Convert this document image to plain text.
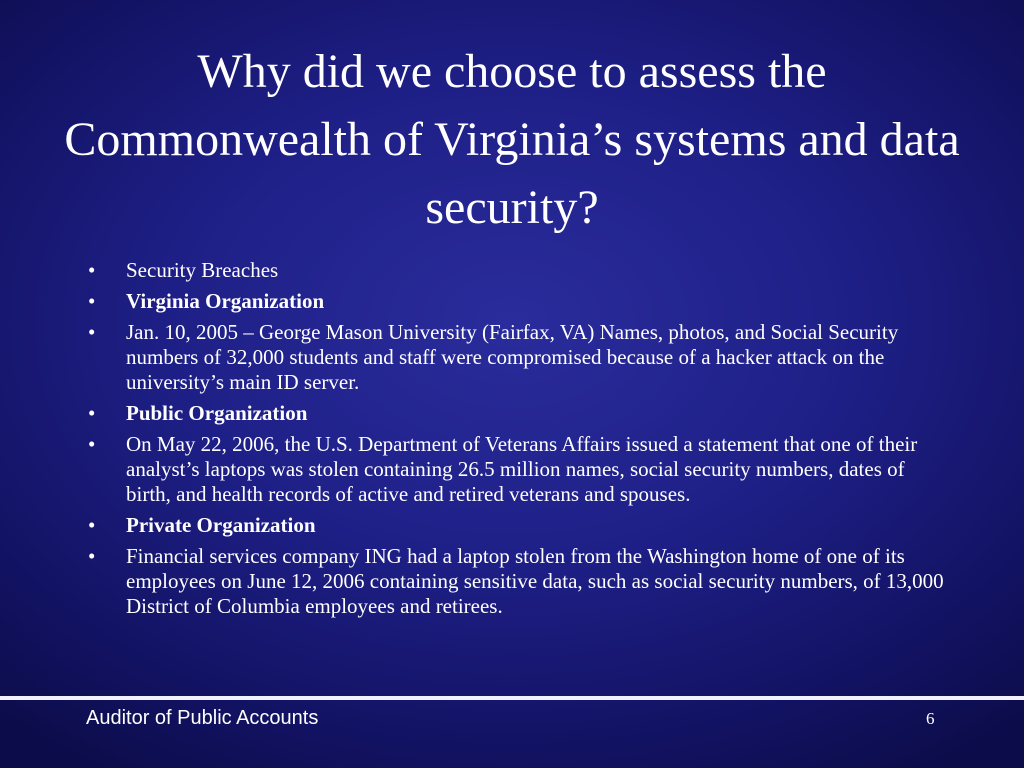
Why did we choose to assess the Commonwealth of Virginia’s systems and data security?
• Security Breaches
• Virginia Organization
• Jan. 10, 2005 – George Mason University (Fairfax, VA) Names, photos, and Social Security numbers of 32,000 students and staff were compromised because of a hacker attack on the university’s main ID server.
• Public Organization
• On May 22, 2006, the U.S. Department of Veterans Affairs issued a statement that one of their analyst’s laptops was stolen containing 26.5 million names, social security numbers, dates of birth, and health records of active and retired veterans and spouses.
• Private Organization
• Financial services company ING had a laptop stolen from the Washington home of one of its employees on June 12, 2006 containing sensitive data, such as social security numbers, of 13,000 District of Columbia employees and retirees.
Auditor of Public Accounts	6
